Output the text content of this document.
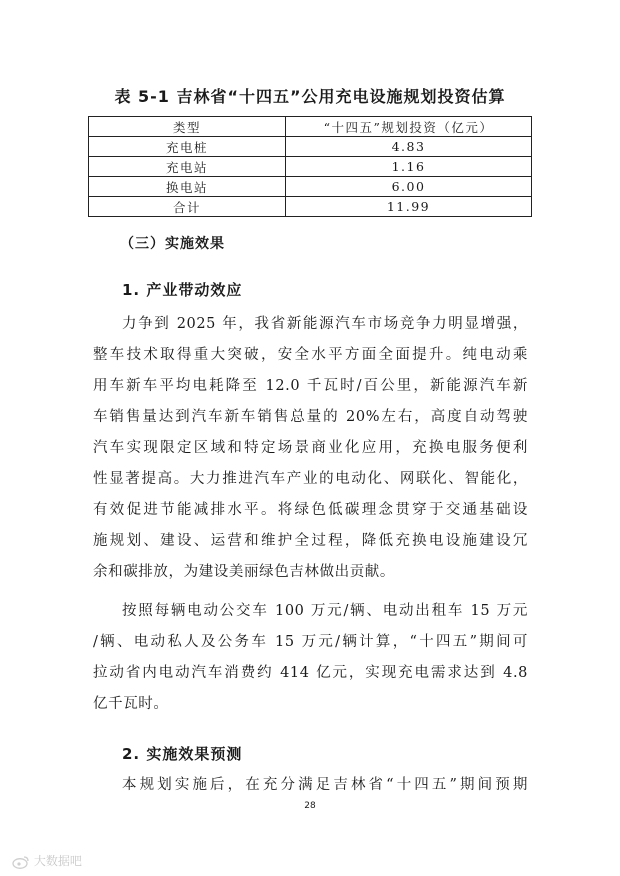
表 5-1 吉林省“十四五”公用充电设施规划投资估算
类型	“十四五”规划投资（亿元）
充电桩	4.83
充电站	1.16
换电站	6.00
合计	11.99
（三）实施效果
1. 产业带动效应
力争到 2025 年，我省新能源汽车市场竞争力明显增强，
整车技术取得重大突破，安全水平方面全面提升。纯电动乘
用车新车平均电耗降至 12.0 千瓦时/百公里，新能源汽车新
车销售量达到汽车新车销售总量的 20%左右，高度自动驾驶
汽车实现限定区域和特定场景商业化应用，充换电服务便利
性显著提高。大力推进汽车产业的电动化、网联化、智能化，
有效促进节能减排水平。将绿色低碳理念贯穿于交通基础设
施规划、建设、运营和维护全过程，降低充换电设施建设冗
余和碳排放，为建设美丽绿色吉林做出贡献。
按照每辆电动公交车 100 万元/辆、电动出租车 15 万元
/辆、电动私人及公务车 15 万元/辆计算，“十四五”期间可
拉动省内电动汽车消费约 414 亿元，实现充电需求达到 4.8
亿千瓦时。
2. 实施效果预测
本规划实施后，在充分满足吉林省“十四五”期间预期
28
大数据吧
